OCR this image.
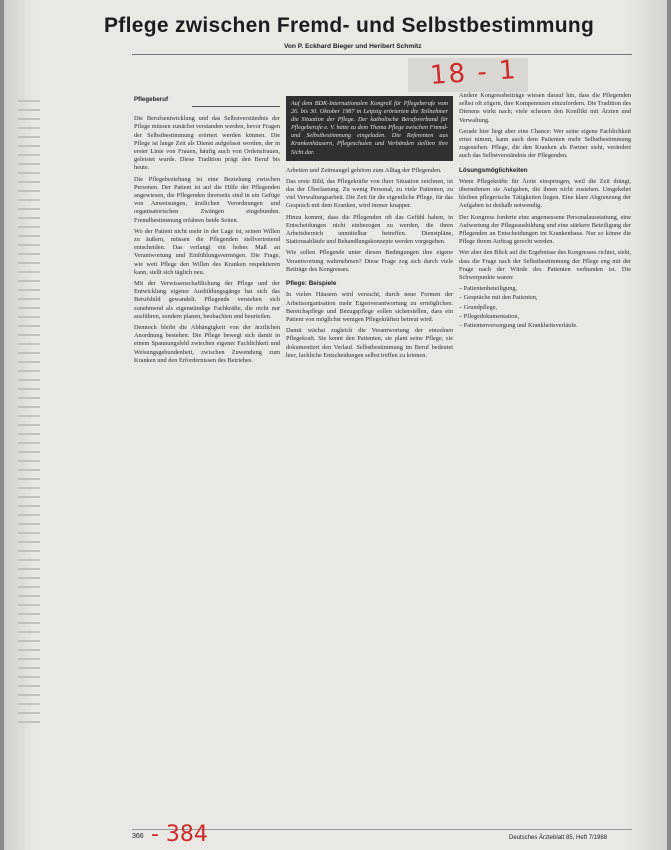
Pflege zwischen Fremd- und Selbstbestimmung
Von P. Eckhard Bieger und Heribert Schmitz
18 - 1
Pflegeberuf

Die Berufsentwicklung und das Selbstverständnis der Pflege müssen zunächst verstanden werden, bevor Fragen der Selbstbestimmung erörtert werden können. Die Pflege ist lange Zeit als Dienst aufgefasst worden, der in erster Linie von Frauen, häufig auch von Ordensfrauen, geleistet wurde. Diese Tradition prägt den Beruf bis heute.

Die Pflegebeziehung ist eine Beziehung zwischen Personen. Der Patient ist auf die Hilfe der Pflegenden angewiesen, die Pflegenden ihrerseits sind in ein Gefüge von Anweisungen, ärztlichen Verordnungen und organisatorischen Zwängen eingebunden. Fremdbestimmung erfahren beide Seiten.

Wo der Patient nicht mehr in der Lage ist, seinen Willen zu äußern, müssen die Pflegenden stellvertretend entscheiden. Das verlangt ein hohes Maß an Verantwortung und Einfühlungsvermögen. Die Frage, wie weit Pflege den Willen des Kranken respektieren kann, stellt sich täglich neu.

Mit der Verwissenschaftlichung der Pflege und der Entwicklung eigener Ausbildungsgänge hat sich das Berufsbild gewandelt. Pflegende verstehen sich zunehmend als eigenständige Fachkräfte, die nicht nur ausführen, sondern planen, beobachten und beurteilen.

Dennoch bleibt die Abhängigkeit von der ärztlichen Anordnung bestehen. Die Pflege bewegt sich damit in einem Spannungsfeld zwischen eigener Fachlichkeit und Weisungsgebundenheit, zwischen Zuwendung zum Kranken und den Erfordernissen des Betriebes.

Auf dem BDK-Internationalen Kongreß für Pflegeberufe vom 26. bis 30. Oktober 1987 in Leipzig erörterten die Teilnehmer die Situation der Pflege. Der katholische Berufsverband für Pflegeberufe e. V. hatte zu dem Thema Pflege zwischen Fremd- und Selbstbestimmung eingeladen. Die Referenten aus Krankenhäusern, Pflegeschulen und Verbänden stellten ihre Sicht dar.

Arbeiten und Zeitmangel gehören zum Alltag der Pflegenden.

Das erste Bild, das Pflegekräfte von ihrer Situation zeichnen, ist das der Überlastung. Zu wenig Personal, zu viele Patienten, zu viel Verwaltungsarbeit. Die Zeit für die eigentliche Pflege, für das Gespräch mit dem Kranken, wird immer knapper.

Hinzu kommt, dass die Pflegenden oft das Gefühl haben, in Entscheidungen nicht einbezogen zu werden, die ihren Arbeitsbereich unmittelbar betreffen. Dienstpläne, Stationsabläufe und Behandlungskonzepte werden vorgegeben.

Wie sollen Pflegende unter diesen Bedingungen ihre eigene Verantwortung wahrnehmen? Diese Frage zog sich durch viele Beiträge des Kongresses.

Pflege: Beispiele

In vielen Häusern wird versucht, durch neue Formen der Arbeitsorganisation mehr Eigenverantwortung zu ermöglichen. Bereichspflege und Bezugspflege sollen sicherstellen, dass ein Patient von möglichst wenigen Pflegekräften betreut wird.

Damit wächst zugleich die Verantwortung der einzelnen Pflegekraft. Sie kennt den Patienten, sie plant seine Pflege, sie dokumentiert den Verlauf. Selbstbestimmung im Beruf bedeutet hier, fachliche Entscheidungen selbst treffen zu können.

Andere Kongressbeiträge wiesen darauf hin, dass die Pflegenden selbst oft zögern, ihre Kompetenzen einzufordern. Die Tradition des Dienens wirkt nach; viele scheuen den Konflikt mit Ärzten und Verwaltung.

Gerade hier liegt aber eine Chance: Wer seine eigene Fachlichkeit ernst nimmt, kann auch dem Patienten mehr Selbstbestimmung zugestehen. Pflege, die den Kranken als Partner sieht, verändert auch das Selbstverständnis der Pflegenden.

Lösungsmöglichkeiten

Wenn Pflegekräfte für Ärzte einspringen, weil die Zeit drängt, übernehmen sie Aufgaben, die ihnen nicht zustehen. Umgekehrt bleiben pflegerische Tätigkeiten liegen. Eine klare Abgrenzung der Aufgaben ist deshalb notwendig.

Der Kongress forderte eine angemessene Personalausstattung, eine Aufwertung der Pflegeausbildung und eine stärkere Beteiligung der Pflegenden an Entscheidungen im Krankenhaus. Nur so könne die Pflege ihrem Auftrag gerecht werden.

Wer aber den Blick auf die Ergebnisse des Kongresses richtet, sieht, dass die Frage nach der Selbstbestimmung der Pflege eng mit der Frage nach der Würde des Patienten verbunden ist. Die Schwerpunkte waren:

– Patientenbeteiligung,
– Gespräche mit den Patienten,
– Grundpflege,
– Pflegedokumentation,
– Patientenversorgung und Krankheitsverläufe.
- 384
366	Deutsches Ärzteblatt 85, Heft 7/1988
